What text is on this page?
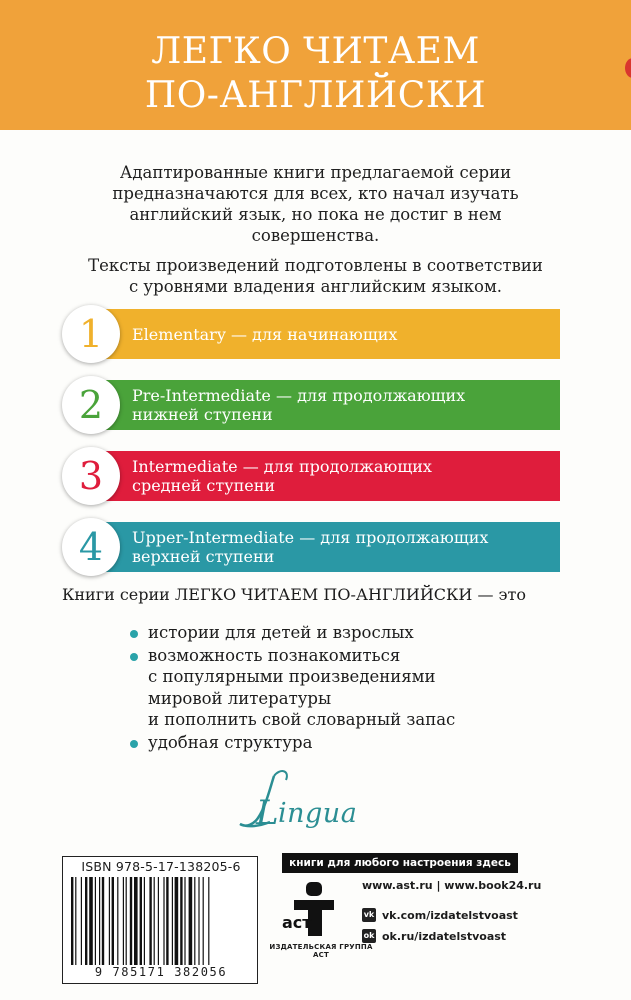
ЛЕГКО ЧИТАЕМ
ПО-АНГЛИЙСКИ

Адаптированные книги предлагаемой серии
предназначаются для всех, кто начал изучать
английский язык, но пока не достиг в нем
совершенства.

Тексты произведений подготовлены в соответствии
с уровнями владения английским языком.

1	Elementary — для начинающих
2	Pre-Intermediate — для продолжающих
нижней ступени
3	Intermediate — для продолжающих
средней ступени
4	Upper-Intermediate — для продолжающих
верхней ступени
Книги серии ЛЕГКО ЧИТАЕМ ПО-АНГЛИЙСКИ — это
истории для детей и взрослых
возможность познакомиться
с популярными произведениями
мировой литературы
и пополнить свой словарный запас
удобная структура
L ingua
ISBN 978-5-17-138205-6
9 785171 382056
книги для любого настроения здесь
аст
ИЗДАТЕЛЬСКАЯ ГРУППА АСТ
www.ast.ru | www.book24.ru
vk vk.com/izdatelstvoast
ok ok.ru/izdatelstvoast
